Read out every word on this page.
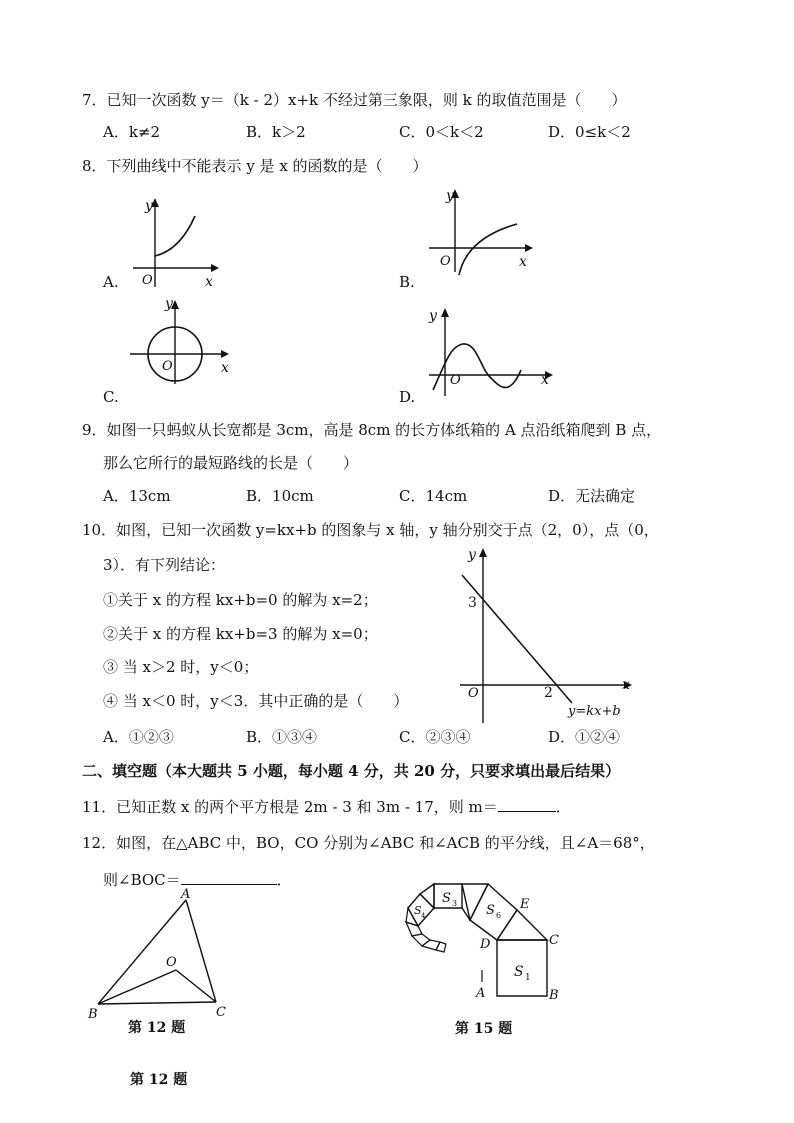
7．已知一次函数 y＝（k - 2）x+k 不经过第三象限，则 k 的取值范围是（　　）
A．k≠2	B．k＞2	C．0＜k＜2	D．0≤k＜2
8．下列曲线中不能表示 y 是 x 的函数的是（　　）
A.
y
O	x	B.
y
O	x
C.
y
O	x
D.
y
O	x
9．如图一只蚂蚁从长宽都是 3cm，高是 8cm 的长方体纸箱的 A 点沿纸箱爬到 B 点，
那么它所行的最短路线的长是（　　）
A．13cm	B．10cm	C．14cm	D．无法确定
10．如图，已知一次函数 y=kx+b 的图象与 x 轴，y 轴分别交于点（2，0），点（0，
3）．有下列结论：
①关于 x 的方程 kx+b=0 的解为 x=2；
②关于 x 的方程 kx+b=3 的解为 x=0；
③ 当 x＞2 时，y＜0；
④ 当 x＜0 时，y＜3．其中正确的是（　　）
A．①②③	B．①③④	C．②③④	D．①②④
y
3
O	2	x
y=kx+b
二、填空题（本大题共 5 小题，每小题 4 分，共 20 分，只要求填出最后结果）
11．已知正数 x 的两个平方根是 2m - 3 和 3m - 17，则 m＝	．
12．如图，在△ABC 中，BO，CO 分别为∠ABC 和∠ACB 的平分线，且∠A＝68°，
则∠BOC＝	．
A
B	C
O
第 12 题
S 1
S 3 S 6
S 4
A	B
C
D
E
第 15 题
第 12 题
